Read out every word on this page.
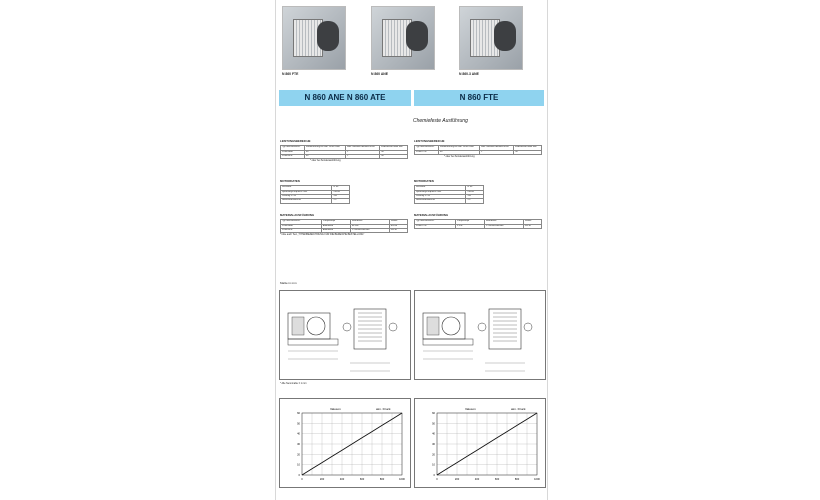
N 860 FTE	N 860 ANE	N 860.3 ANE
N 860 ANE N 860 ATE	N 860 FTE
Chemiefeste Ausführung
LEISTUNGSBEREICHE
Typ und Bestell-Nr.	Förderleistung bei atm. Druck l/min	Max. Betriebs-überdruck bar	Endvakuum mbar abs.
N 860 ANE	60	1	90
N 860 ATE	60	1	90
* oder bei Sonderausführung
LEISTUNGSBEREICHE
Typ und Bestell-Nr.	Förderleistung bei atm. Druck l/min	Max. Betriebs-überdruck bar	Endvakuum mbar abs.
N 860 FTE	60	1	90
* oder bei Sonderausführung
MOTORDATEN
Schutzart	IP 44
Spannung/Frequenz V/Hz	230/50
Leistung P1 W	150
Nennstromstärke A	1.3
MOTORDATEN
Schutzart	IP 44
Spannung/Frequenz V/Hz	230/50
Leistung P1 W	150
Nennstromstärke A	1.3
MATERIALAUSFÜHRUNG
Typ und Bestell-Nr.	Pumpenkopf	Membrane	Ventile
N 860 ANE	Aluminium	EPDM	EPDM
N 860 ATE	Aluminium	PTFE-beschichtet	FFPM
* bitte auch Text „TYPENBEZEICHNUNG FÜR DIE BEREICHE BESTELLUNG"
MATERIALAUSFÜHRUNG
Typ und Bestell-Nr.	Pumpenkopf	Membrane	Ventile
N 860 FTE	PTFE	PTFE-beschichtet	FFPM
Maße in mm
* Alle Nennmaße ± 1 mm
Vakuum	atm. Druck
0
10
20
30
40
50
60
0	200	400	600	800	1000
Vakuum	atm. Druck
0
10
20
30
40
50
60
0	200	400	600	800	1000
